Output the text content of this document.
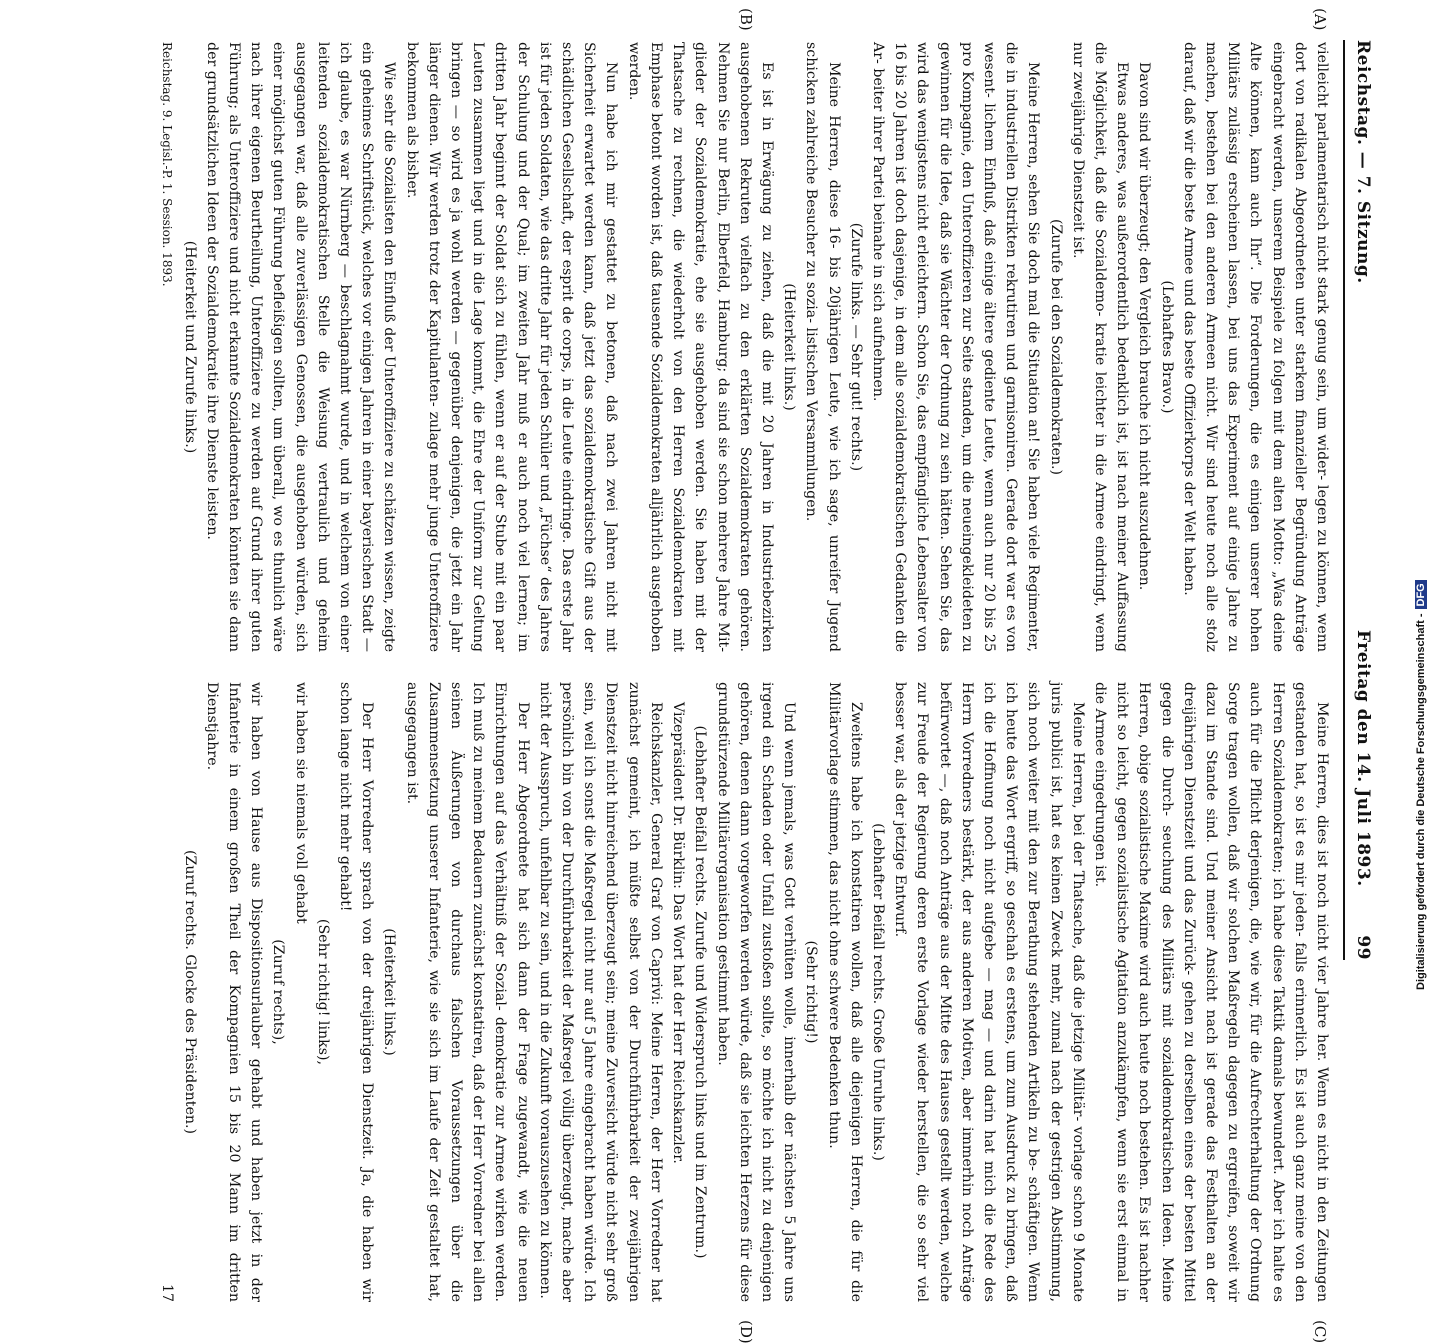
Reichstag. — 7. Sitzung.
Freitag den 14. Juli 1893.
99
(A)
(B)
(C)
(D)

vielleicht parlamentarisch nicht stark genug sein, um wider- legen zu können, wenn dort von radikalen Abgeordneten unter starkem finanzieller Begründung Anträge eingebracht werden, unserem Beispiele zu folgen mit dem alten Motto: „Was deine Alte können, kann auch Ihr“. Die Forderungen, die es einigen unserer hohen Militärs zulässig erscheinen lassen, bei uns das Experiment auf einige Jahre zu machen, bestehen bei den anderen Armeen nicht. Wir sind heute noch alle stolz darauf, daß wir die beste Armee und das beste Offizierkorps der Welt haben.

(Lebhaftes Bravo.)

Davon sind wir überzeugt; den Vergleich brauche ich nicht auszudehnen.

Etwas anderes, was außerordentlich bedenklich ist, ist nach meiner Auffassung die Möglichkeit, daß die Sozialdemo- kratie leichter in die Armee eindringt, wenn nur zweijährige Dienstzeit ist.

(Zurufe bei den Sozialdemokraten.)

Meine Herren, sehen Sie doch mal die Situation an! Sie haben viele Regimenter, die in industriellen Distrikten rekrutiren und garnisoniren. Gerade dort war es von wesent- lichem Einfluß, daß einige ältere gediente Leute, wenn auch nur 20 bis 25 pro Kompagnie, den Unteroffizieren zur Seite standen, um die neueingekleideten zu gewinnen für die Idee, daß sie Wächter der Ordnung zu sein hätten. Sehen Sie, das wird das wenigstens nicht erleichtern. Schon Sie, das empfängliche Lebensalter von 16 bis 20 Jahren ist doch dasjenige, in dem alle sozialdemokratischen Gedanken die Ar- beiter ihrer Partei beinahe in sich aufnehmen.

(Zurufe links. — Sehr gut! rechts.)

Meine Herren, diese 16- bis 20jährigen Leute, wie ich sage, unreifer Jugend schicken zahlreiche Besucher zu sozia- listischen Versammlungen.

(Heiterkeit links.)

Es ist in Erwägung zu ziehen, daß die mit 20 Jahren in Industriebezirken ausgehobenen Rekruten vielfach zu den erklärten Sozialdemokraten gehören. Nehmen Sie nur Berlin, Elberfeld, Hamburg; da sind sie schon mehrere Jahre Mit- glieder der Sozialdemokratie, ehe sie ausgehoben werden. Sie haben mit der Thatsache zu rechnen, die wiederholt von den Herren Sozialdemokraten mit Emphase betont worden ist, daß tausende Sozialdemokraten alljährlich ausgehoben werden.

Nun habe ich mir gestattet zu betonen, daß nach zwei Jahren nicht mit Sicherheit erwartet werden kann, daß jetzt das sozialdemokratische Gift aus der schädlichen Gesellschaft, der esprit de corps, in die Leute eindringe. Das erste Jahr ist für jeden Soldaten, wie das dritte Jahr für jeden Schüler und „Füchse“ des Jahres der Schulung und der Qual; im zweiten Jahr muß er auch noch viel lernen; im dritten Jahr beginnt der Soldat sich zu fühlen, wenn er auf der Stube mit ein paar Leuten zusammen liegt und in die Lage kommt, die Ehre der Uniform zur Geltung bringen — so wird es ja wohl werden — gegenüber denjenigen, die jetzt ein Jahr länger dienen. Wir werden trotz der Kapitulanten- zulage mehr junge Unteroffiziere bekommen als bisher.

Wie sehr die Sozialisten den Einfluß der Unteroffiziere zu schätzen wissen, zeigte ein geheimes Schriftstück, welches vor einigen Jahren in einer bayerischen Stadt — ich glaube, es war Nürnberg — beschlagnahmt wurde, und in welchem von einer leitenden sozialdemokratischen Stelle die Weisung vertraulich und geheim ausgegangen war, daß alle zuverlässigen Genossen, die ausgehoben würden, sich einer möglichst guten Führung befleißigen sollten, um überall, wo es thunlich wäre nach ihrer eigenen Beurtheilung, Unteroffiziere zu werden auf Grund ihrer guten Führung; als Unteroffiziere und nicht erkannte Sozialdemokraten könnten sie dann der grundsätzlichen Ideen der Sozialdemokratie ihre Dienste leisten.

(Heiterkeit und Zurufe links.)

Reichstag. 9. Legisl.-P. 1. Session. 1893.

Meine Herren, dies ist noch nicht vier Jahre her. Wenn es nicht in den Zeitungen gestanden hat, so ist es mir jeden- falls erinnerlich. Es ist auch ganz meine von den Herren Sozialdemokraten; ich habe diese Taktik damals bewundert. Aber ich halte es auch für die Pflicht derjenigen, die, wie wir, für die Aufrechterhaltung der Ordnung Sorge tragen wollen, daß wir solchen Maßregeln dagegen zu ergreifen, soweit wir dazu im Stande sind. Und meiner Ansicht nach ist gerade das Festhalten an der dreijährigen Dienstzeit und das Zurück- gehen zu derselben eines der besten Mittel gegen die Durch- seuchung des Militärs mit sozialdemokratischen Ideen. Meine Herren, obige sozialistische Maxime wird auch heute noch bestehen. Es ist nachher nicht so leicht, gegen sozialistische Agitation anzukämpfen, wenn sie erst einmal in die Armee eingedrungen ist.

Meine Herren, bei der Thatsache, daß die jetzige Militär- vorlage schon 9 Monate juris publici ist, hat es keinen Zweck mehr, zumal nach der gestrigen Abstimmung, sich noch weiter mit den zur Berathung stehenden Artikeln zu be- schäftigen. Wenn ich heute das Wort ergriff, so geschah es erstens, um zum Ausdruck zu bringen, daß ich die Hoffnung noch nicht aufgebe — mag — und darin hat mich die Rede des Herrn Vorredners bestärkt, der aus anderen Motiven, aber immerhin noch Anträge befürwortet —, daß noch Anträge aus der Mitte des Hauses gestellt werden, welche zur Freude der Regierung deren erste Vorlage wieder herstellen, die so sehr viel besser war, als der jetzige Entwurf.

(Lebhafter Beifall rechts. Große Unruhe links.)

Zweitens habe ich konstatiren wollen, daß alle diejenigen Herren, die für die Militärvorlage stimmen, das nicht ohne schwere Bedenken thun.

(Sehr richtig!)

Und wenn jemals, was Gott verhüten wolle, innerhalb der nächsten 5 Jahre uns irgend ein Schaden oder Unfall zustoßen sollte, so möchte ich nicht zu denjenigen gehören, denen dann vorgeworfen werden würde, daß sie leichten Herzens für diese grundstürzende Militärorganisation gestimmt haben.

(Lebhafter Beifall rechts. Zurufe und Widerspruch links und im Zentrum.)

Vizepräsident Dr. Bürklin: Das Wort hat der Herr Reichskanzler.

Reichskanzler, General Graf von Caprivi: Meine Herren, der Herr Vorredner hat zunächst gemeint, ich müßte selbst von der Durchführbarkeit der zweijährigen Dienstzeit nicht hinreichend überzeugt sein; meine Zuversicht würde nicht sehr groß sein, weil ich sonst die Maßregel nicht nur auf 5 Jahre eingebracht haben würde. Ich persönlich bin von der Durchführbarkeit der Maßregel völlig überzeugt, mache aber nicht der Ausspruch, unfehlbar zu sein, und in die Zukunft vorauszusehen zu können.

Der Herr Abgeordnete hat sich dann der Frage zugewandt, wie die neuen Einrichtungen auf das Verhältniß der Sozial- demokratie zur Armee wirken werden. Ich muß zu meinem Bedauern zunächst konstatiren, daß der Herr Vorredner bei allen seinen Äußerungen von durchaus falschen Voraussetzungen über die Zusammensetzung unserer Infanterie, wie sie sich im Laufe der Zeit gestaltet hat, ausgegangen ist.

(Heiterkeit links.)

Der Herr Vorredner sprach von der dreijährigen Dienstzeit. Ja, die haben wir schon lange nicht mehr gehabt!

(Sehr richtig! links),

wir haben sie niemals voll gehabt

(Zuruf rechts),

wir haben von Hause aus Dispositionsurlauber gehabt und haben jetzt in der Infanterie in einem großen Theil der Kompagnien 15 bis 20 Mann im dritten Dienstjahre.

(Zuruf rechts. Glocke des Präsidenten.)

17

Digitalisierung gefördert durch die Deutsche Forschungsgemeinschaft -DFG
